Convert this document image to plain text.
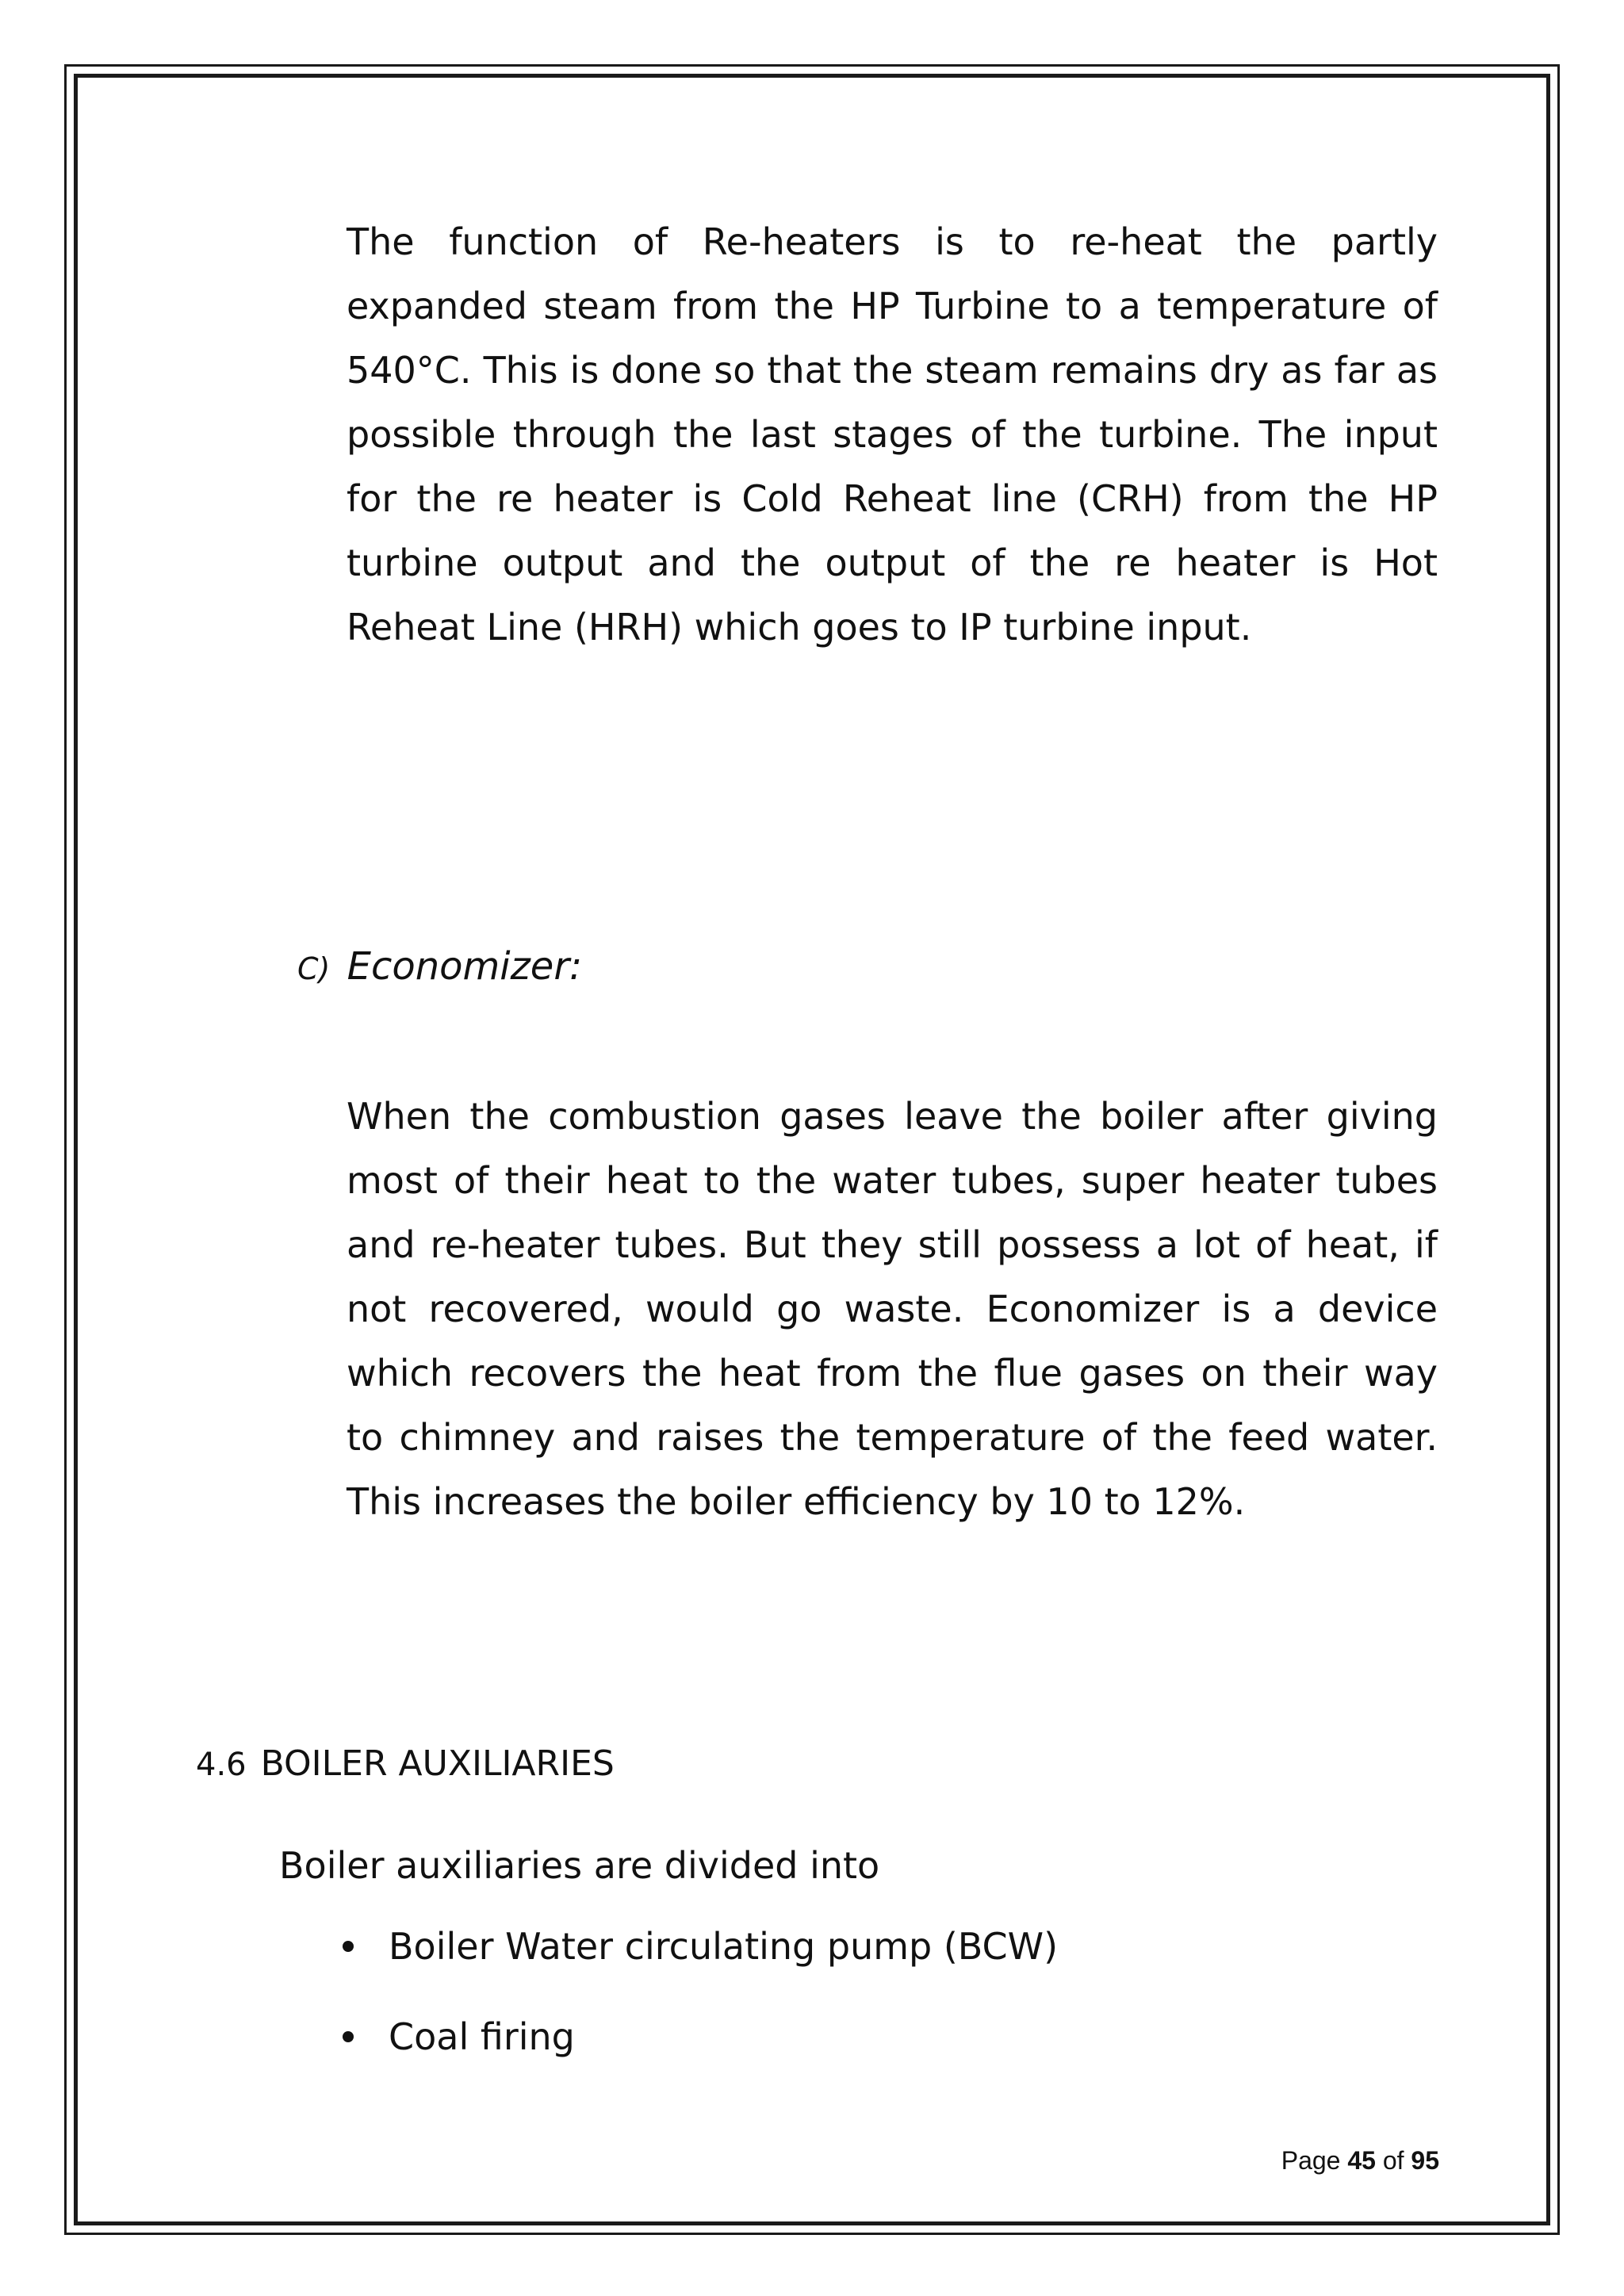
The function of Re-heaters is to re-heat the partly expanded steam from the HP Turbine to a temperature of 540°C. This is done so that the steam remains dry as far as possible through the last stages of the turbine. The input for the re heater is Cold Reheat line (CRH) from the HP turbine output and the output of the re heater is Hot Reheat Line (HRH) which goes to IP turbine input.

C) Economizer:

When the combustion gases leave the boiler after giving most of their heat to the water tubes, super heater tubes and re-heater tubes. But they still possess a lot of heat, if not recovered, would go waste. Economizer is a device which recovers the heat from the flue gases on their way to chimney and raises the temperature of the feed water. This increases the boiler efficiency by 10 to 12%.

4.6 BOILER AUXILIARIES

Boiler auxiliaries are divided into

Boiler Water circulating pump (BCW)
Coal firing
Page 45 of 95
